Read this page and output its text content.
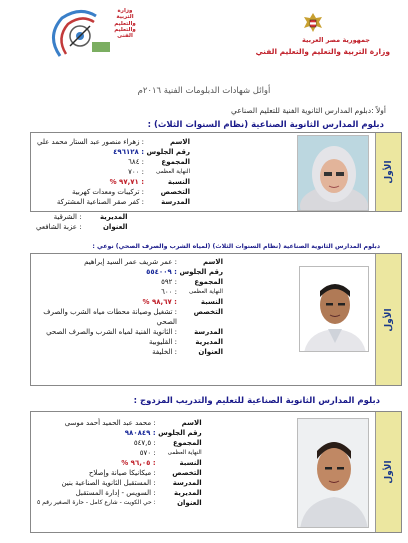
جمهورية مصر العربية
وزارة التربية والتعليم والتعليم الفني
وزارة التربية والتعليم والتعليم الفنى
أوائل شهادات الدبلومات الفنية ٢٠١٦م
أولاً :دبلوم المدارس الثانوية الفنية للتعليم الصناعي
دبلوم المدارس الثانوية الصناعية (نظام السنوات الثلاث) :
الأول
الاسم
: زهراء منصور عبد الستار محمد علي
رقم الجلوس
: ٤٩٦١٢٨
المجموع
: ٦٨٤
النهاية العظمى
: ٧٠٠
النسبة
: ٩٧,٧١ %
التخصص
: تركيبات ومعدات كهربية
المدرسة
: كفر صقر الصناعية المشتركة
دبلوم المدارس الثانوية الصناعية (نظام السنوات الثلاث) (لمياه الشرب والصرف الصحي) نوعي :
الأول
الاسم
: عمر شريف عمر السيد إبراهيم
رقم الجلوس
: ٥٥٤٠٠٩
المجموع
: ٥٩٢
النهاية العظمى
: ٦٠٠
النسبة
: ٩٨,٦٧ %
التخصص
: تشغيل وصيانة محطات مياه الشرب والصرف الصحي
المدرسة
: الثانوية الفنية لمياه الشرب والصرف الصحي
المديرية
: القليوبية
العنوان
: الخليفة
دبلوم المدارس الثانوية الصناعية للتعليم والتدريب المزدوج :
الأول
الاسم
: محمد عبد الحميد أحمد موسى
رقم الجلوس
: ٩٨٠٨٤٩
المجموع
: ٥٤٧,٥
النهاية العظمى
: ٥٧٠
النسبة
: ٩٦,٠٥ %
التخصص
: ميكانيكا صيانة وإصلاح
المدرسة
: المستقبل الثانوية الصناعية بنين
المديرية
: السويس - إدارة المستقبل
العنوان
: حي الكويت - شارع كامل - حارة الصغير رقم ٥
المديرية
: الشرقية
العنوان
: عزبة الشافعي
